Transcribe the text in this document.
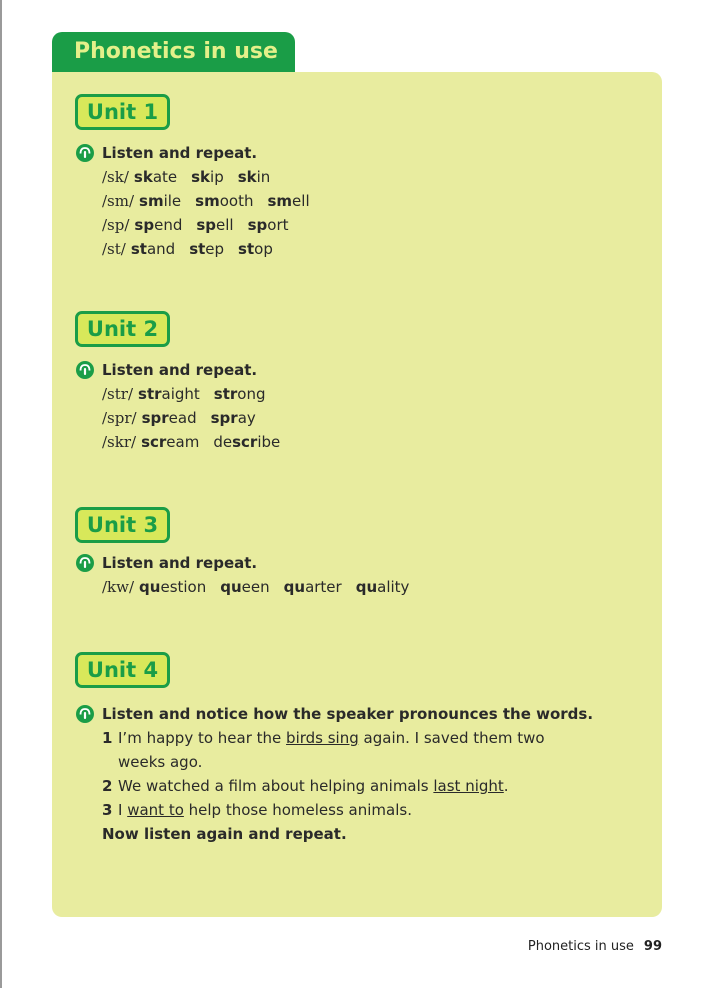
Phonetics in use
Unit 1
Listen and repeat.
/sk/ skate skip skin
/sm/ smile smooth smell
/sp/ spend spell sport
/st/ stand step stop
Unit 2
Listen and repeat.
/str/ straight strong
/spr/ spread spray
/skr/ scream describe
Unit 3
Listen and repeat.
/kw/ question queen quarter quality
Unit 4
Listen and notice how the speaker pronounces the words.
1 I’m happy to hear the birds sing again. I saved them two
weeks ago.
2 We watched a film about helping animals last night.
3 I want to help those homeless animals.
Now listen again and repeat.
Phonetics in use 99
